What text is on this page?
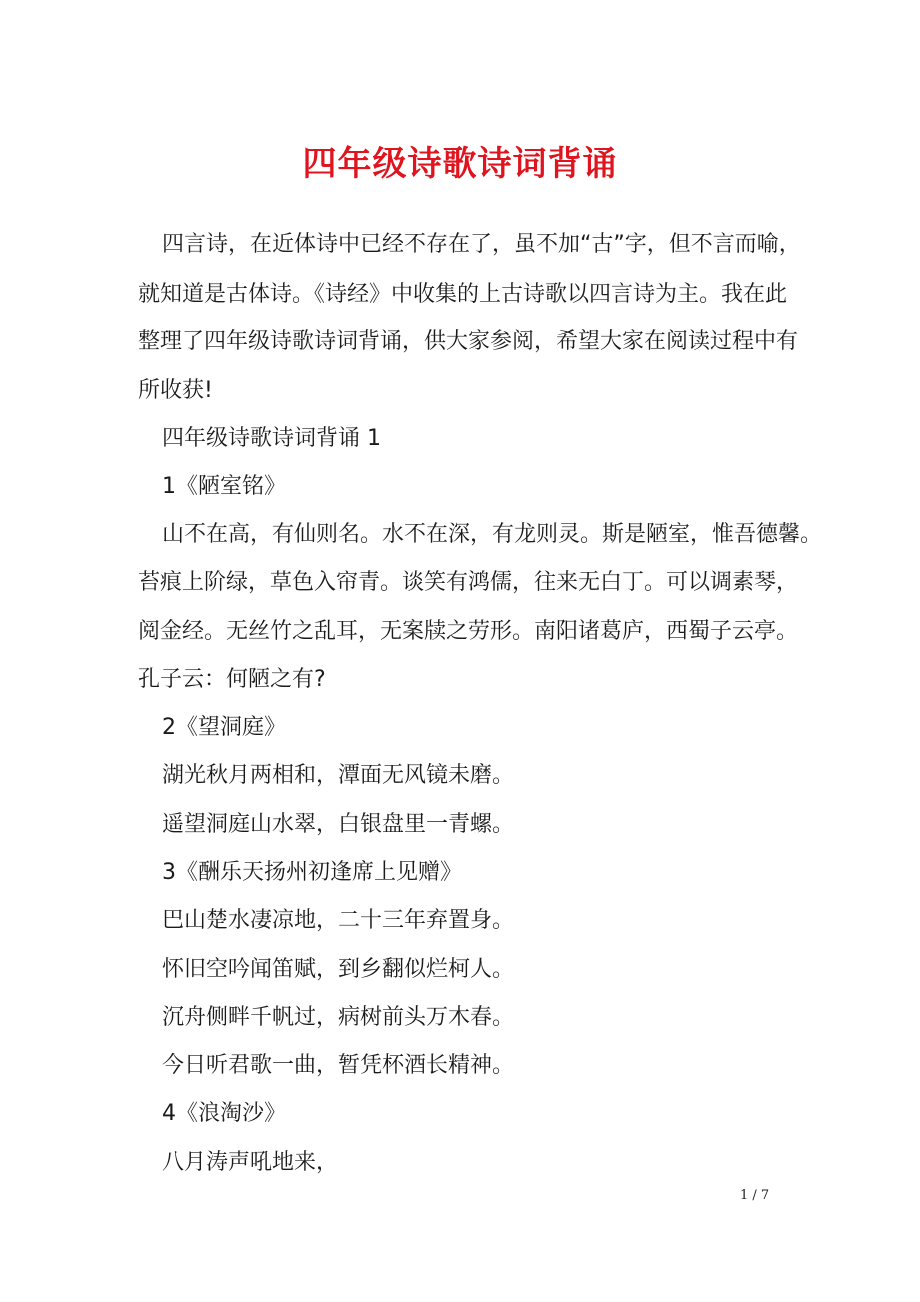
四年级诗歌诗词背诵
四言诗，在近体诗中已经不存在了，虽不加“古”字，但不言而喻，
就知道是古体诗。《诗经》中收集的上古诗歌以四言诗为主。我在此
整理了四年级诗歌诗词背诵，供大家参阅，希望大家在阅读过程中有
所收获!
四年级诗歌诗词背诵 1
1《陋室铭》
山不在高，有仙则名。水不在深，有龙则灵。斯是陋室，惟吾德馨。
苔痕上阶绿，草色入帘青。谈笑有鸿儒，往来无白丁。可以调素琴，
阅金经。无丝竹之乱耳，无案牍之劳形。南阳诸葛庐，西蜀子云亭。
孔子云：何陋之有?
2《望洞庭》
湖光秋月两相和，潭面无风镜未磨。
遥望洞庭山水翠，白银盘里一青螺。
3《酬乐天扬州初逢席上见赠》
巴山楚水凄凉地，二十三年弃置身。
怀旧空吟闻笛赋，到乡翻似烂柯人。
沉舟侧畔千帆过，病树前头万木春。
今日听君歌一曲，暂凭杯酒长精神。
4《浪淘沙》
八月涛声吼地来，
1 / 7
